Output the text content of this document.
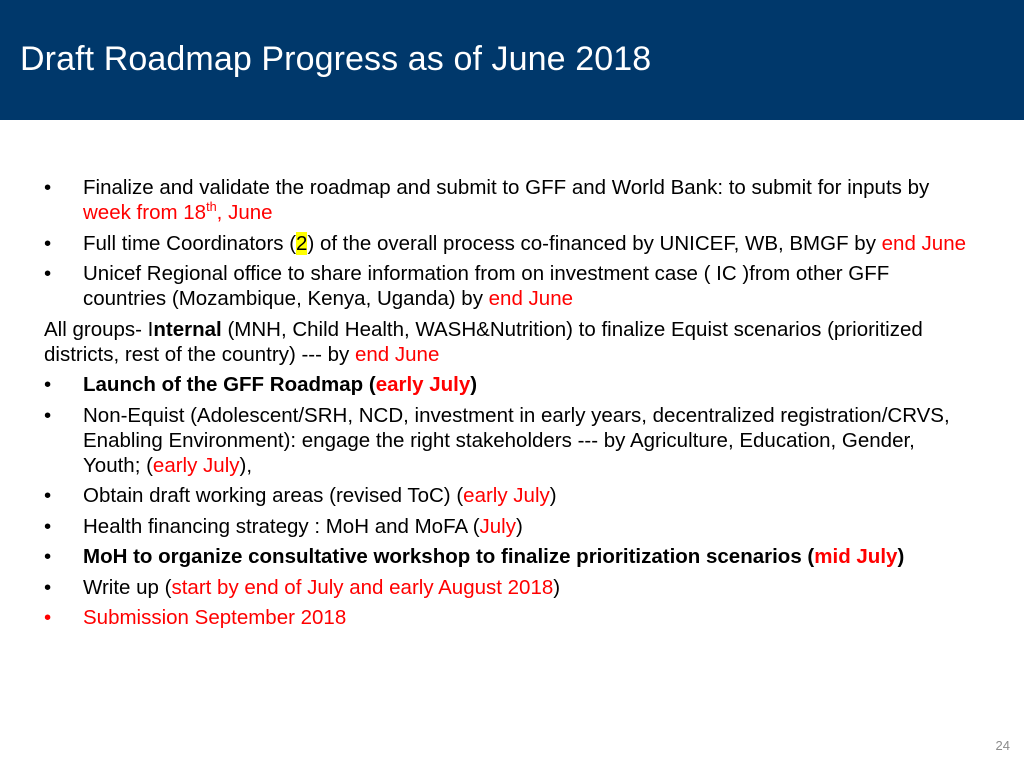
Draft Roadmap Progress as of June 2018
• Finalize and validate the roadmap and submit to GFF and World Bank: to submit for inputs by week from 18th, June
• Full time Coordinators (2) of the overall process co-financed by UNICEF, WB, BMGF by end June
• Unicef Regional office to share information from on investment case ( IC )from other GFF countries (Mozambique, Kenya, Uganda) by end June
All groups- Internal (MNH, Child Health, WASH&Nutrition) to finalize Equist scenarios (prioritized districts, rest of the country) --- by end June
• Launch of the GFF Roadmap (early July)
• Non-Equist (Adolescent/SRH, NCD, investment in early years, decentralized registration/CRVS, Enabling Environment): engage the right stakeholders --- by Agriculture, Education, Gender, Youth; (early July),
• Obtain draft working areas (revised ToC) (early July)
• Health financing strategy : MoH and MoFA (July)
• MoH to organize consultative workshop to finalize prioritization scenarios (mid July)
• Write up (start by end of July and early August 2018)
• Submission September 2018
24
